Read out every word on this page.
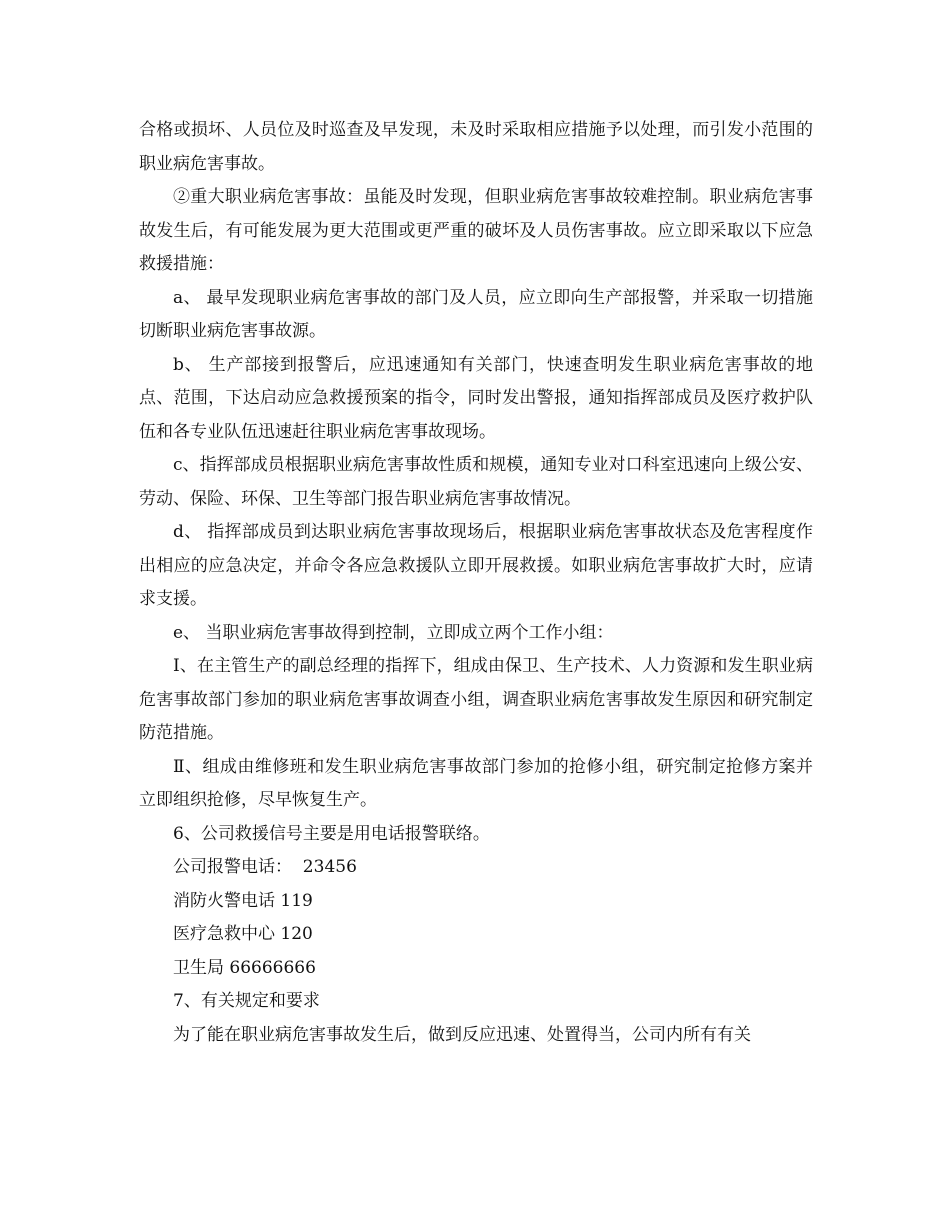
合格或损坏、人员位及时巡查及早发现，未及时采取相应措施予以处理，而引发小范围的职业病危害事故。

②重大职业病危害事故：虽能及时发现，但职业病危害事故较难控制。职业病危害事故发生后，有可能发展为更大范围或更严重的破坏及人员伤害事故。应立即采取以下应急救援措施：

a、 最早发现职业病危害事故的部门及人员，应立即向生产部报警，并采取一切措施切断职业病危害事故源。

b、 生产部接到报警后，应迅速通知有关部门，快速查明发生职业病危害事故的地点、范围，下达启动应急救援预案的指令，同时发出警报，通知指挥部成员及医疗救护队伍和各专业队伍迅速赶往职业病危害事故现场。

c、指挥部成员根据职业病危害事故性质和规模，通知专业对口科室迅速向上级公安、劳动、保险、环保、卫生等部门报告职业病危害事故情况。

d、 指挥部成员到达职业病危害事故现场后，根据职业病危害事故状态及危害程度作出相应的应急决定，并命令各应急救援队立即开展救援。如职业病危害事故扩大时，应请求支援。

e、 当职业病危害事故得到控制，立即成立两个工作小组：

Ⅰ、在主管生产的副总经理的指挥下，组成由保卫、生产技术、人力资源和发生职业病危害事故部门参加的职业病危害事故调查小组，调查职业病危害事故发生原因和研究制定防范措施。

Ⅱ、组成由维修班和发生职业病危害事故部门参加的抢修小组，研究制定抢修方案并立即组织抢修，尽早恢复生产。

6、公司救援信号主要是用电话报警联络。

公司报警电话：  23456
消防火警电话 119
医疗急救中心 120
卫生局 66666666
7、有关规定和要求

为了能在职业病危害事故发生后，做到反应迅速、处置得当，公司内所有有关
